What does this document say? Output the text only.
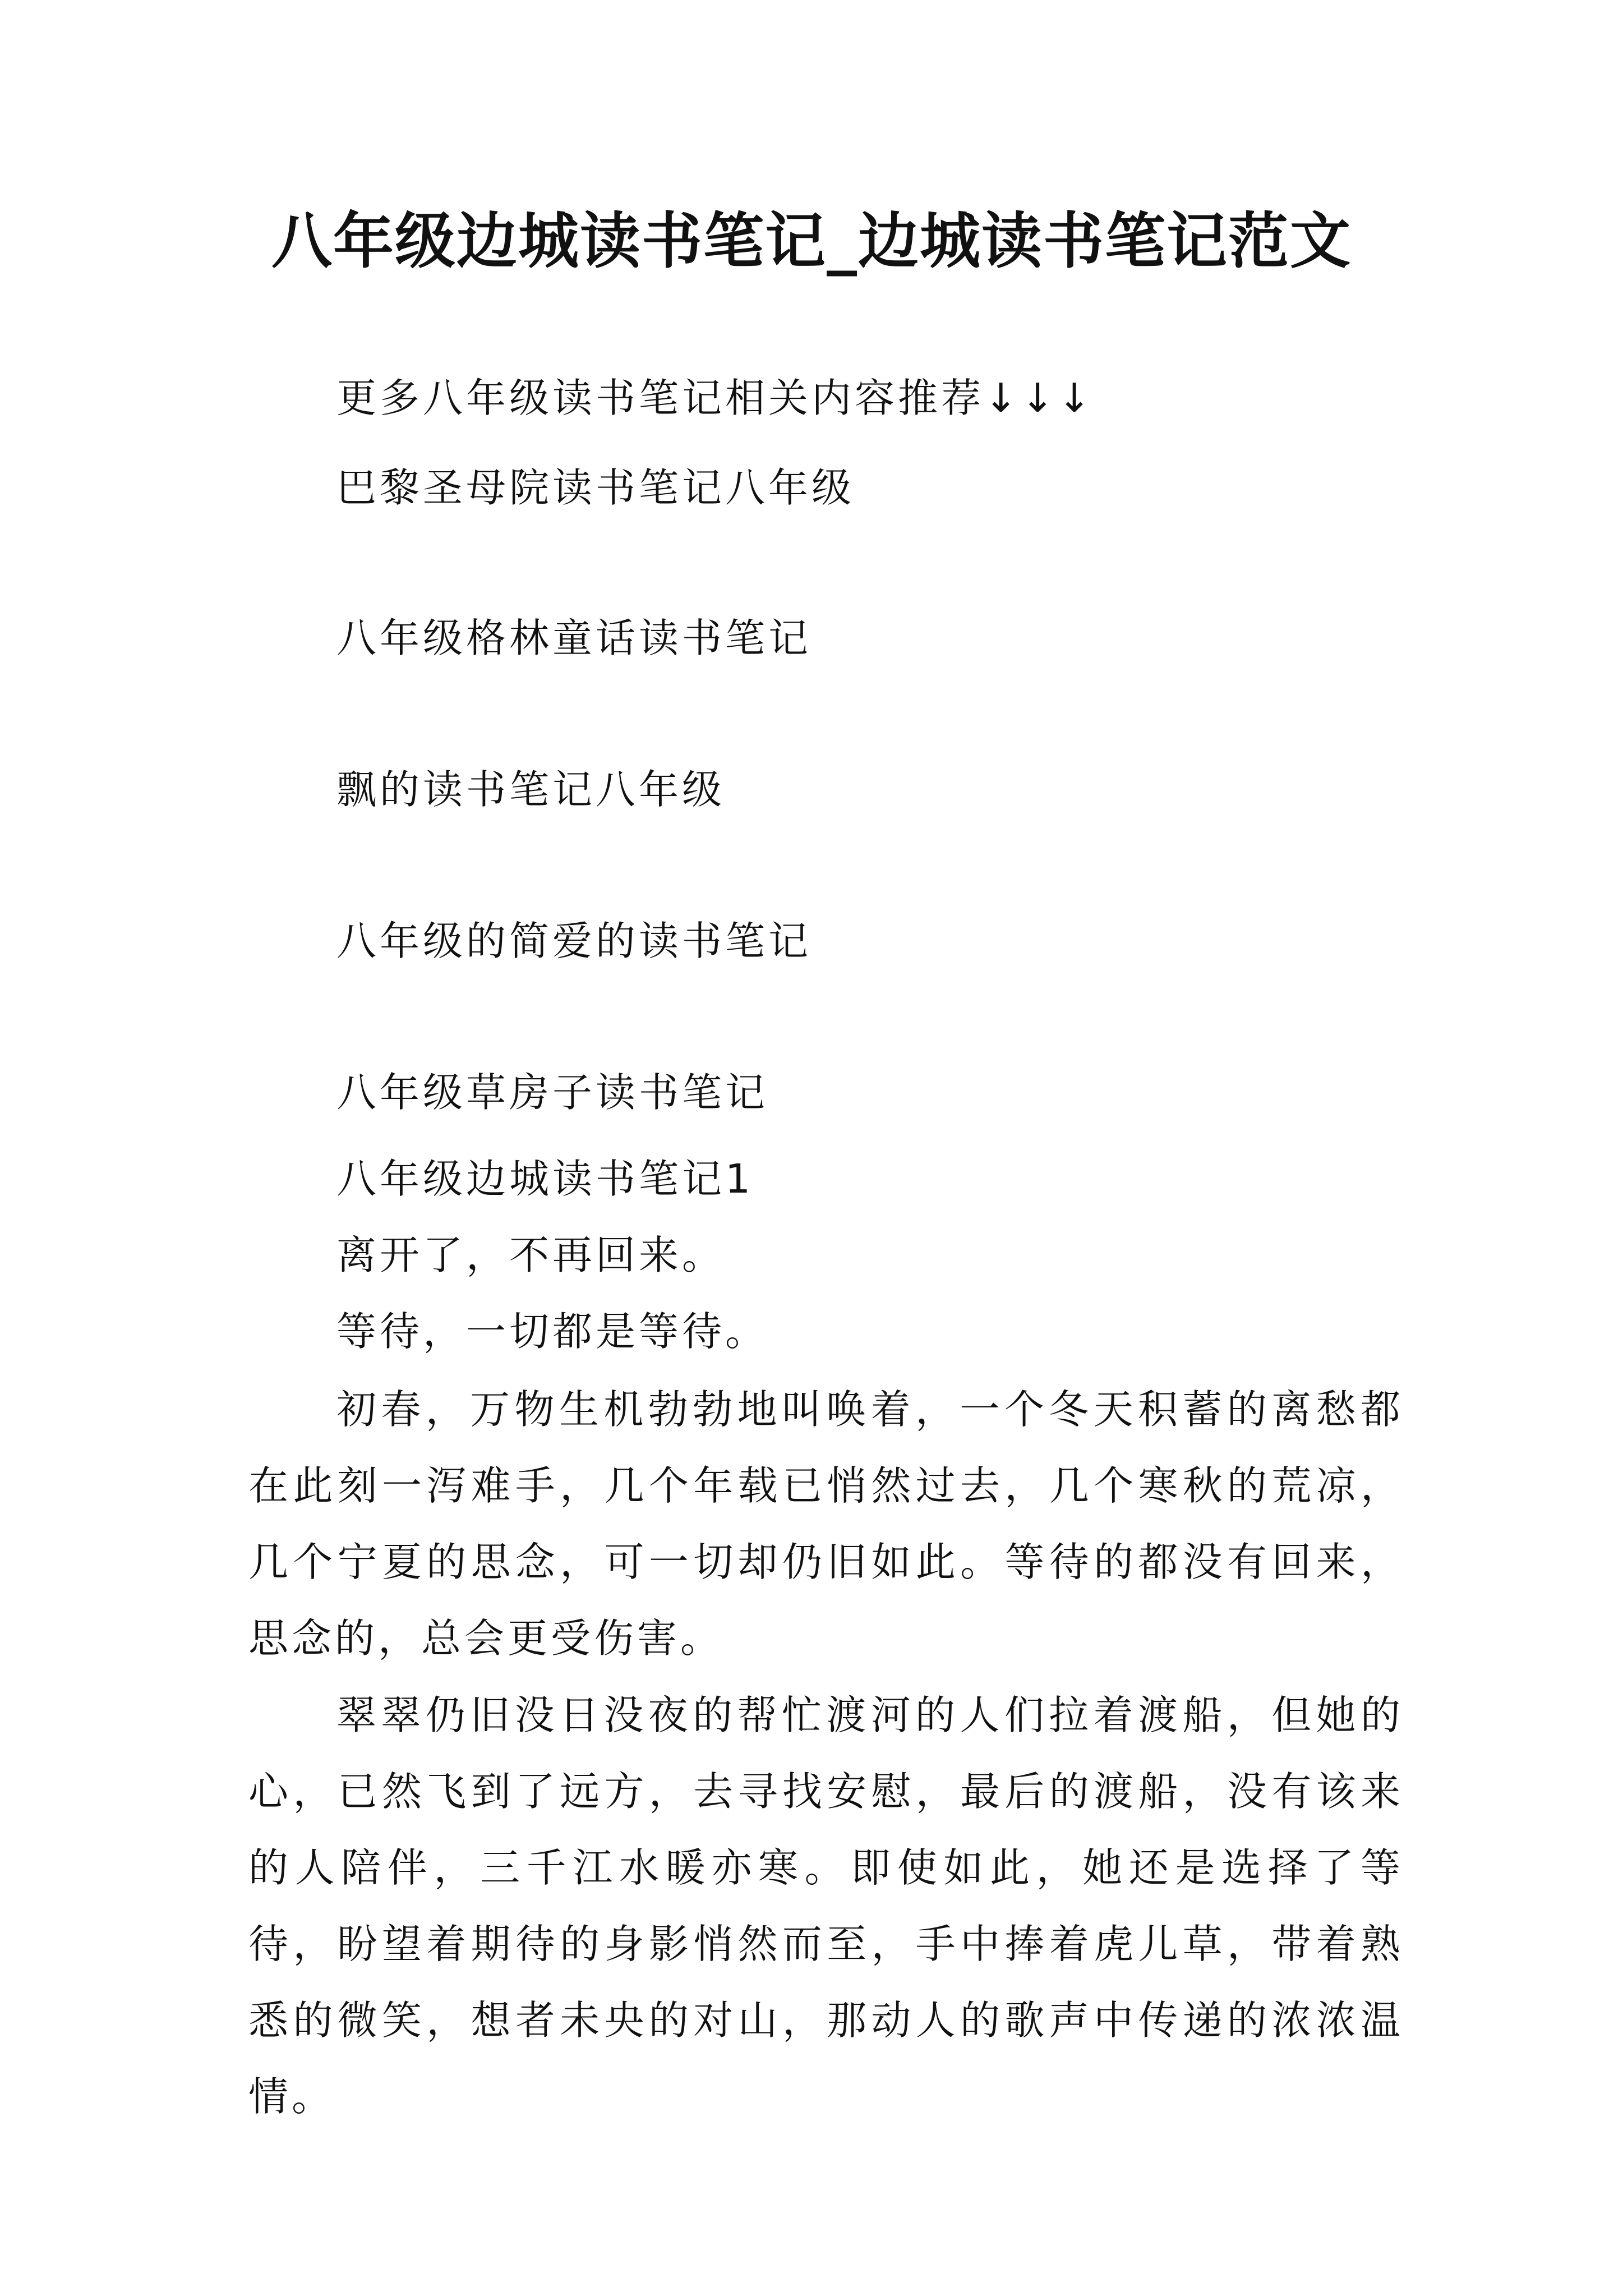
八年级边城读书笔记_边城读书笔记范文

更多八年级读书笔记相关内容推荐↓↓↓

巴黎圣母院读书笔记八年级

八年级格林童话读书笔记

飘的读书笔记八年级

八年级的简爱的读书笔记

八年级草房子读书笔记

八年级边城读书笔记1

离开了，不再回来。

等待，一切都是等待。

初春，万物生机勃勃地叫唤着，一个冬天积蓄的离愁都在此刻一泻难手，几个年载已悄然过去，几个寒秋的荒凉，几个宁夏的思念，可一切却仍旧如此。等待的都没有回来，思念的，总会更受伤害。

翠翠仍旧没日没夜的帮忙渡河的人们拉着渡船，但她的心，已然飞到了远方，去寻找安慰，最后的渡船，没有该来的人陪伴，三千江水暖亦寒。即使如此，她还是选择了等待，盼望着期待的身影悄然而至，手中捧着虎儿草，带着熟悉的微笑，想者未央的对山，那动人的歌声中传递的浓浓温情。
